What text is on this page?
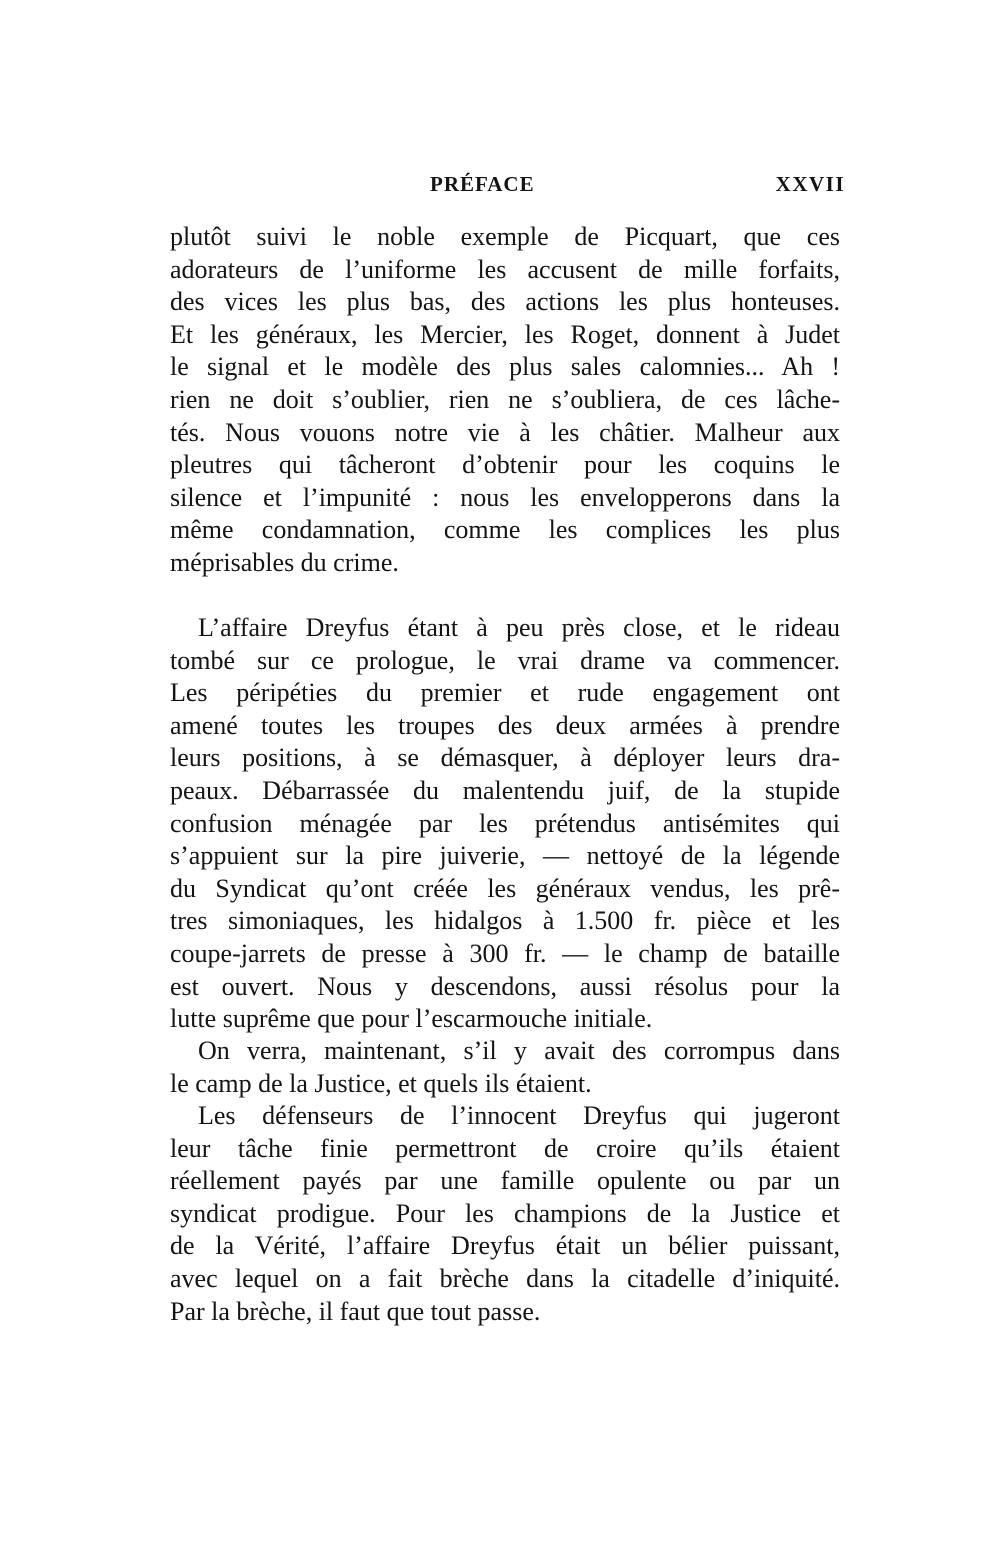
PRÉFACE	XXVII
plutôt suivi le noble exemple de Picquart, que ces
adorateurs de l’uniforme les accusent de mille forfaits,
des vices les plus bas, des actions les plus honteuses.
Et les généraux, les Mercier, les Roget, donnent à Judet
le signal et le modèle des plus sales calomnies... Ah !
rien ne doit s’oublier, rien ne s’oubliera, de ces lâche-
tés. Nous vouons notre vie à les châtier. Malheur aux
pleutres qui tâcheront d’obtenir pour les coquins le
silence et l’impunité : nous les envelopperons dans la
même condamnation, comme les complices les plus
méprisables du crime.
L’affaire Dreyfus étant à peu près close, et le rideau
tombé sur ce prologue, le vrai drame va commencer.
Les péripéties du premier et rude engagement ont
amené toutes les troupes des deux armées à prendre
leurs positions, à se démasquer, à déployer leurs dra-
peaux. Débarrassée du malentendu juif, de la stupide
confusion ménagée par les prétendus antisémites qui
s’appuient sur la pire juiverie, — nettoyé de la légende
du Syndicat qu’ont créée les généraux vendus, les prê-
tres simoniaques, les hidalgos à 1.500 fr. pièce et les
coupe-jarrets de presse à 300 fr. — le champ de bataille
est ouvert. Nous y descendons, aussi résolus pour la
lutte suprême que pour l’escarmouche initiale.
On verra, maintenant, s’il y avait des corrompus dans
le camp de la Justice, et quels ils étaient.
Les défenseurs de l’innocent Dreyfus qui jugeront
leur tâche finie permettront de croire qu’ils étaient
réellement payés par une famille opulente ou par un
syndicat prodigue. Pour les champions de la Justice et
de la Vérité, l’affaire Dreyfus était un bélier puissant,
avec lequel on a fait brèche dans la citadelle d’iniquité.
Par la brèche, il faut que tout passe.
